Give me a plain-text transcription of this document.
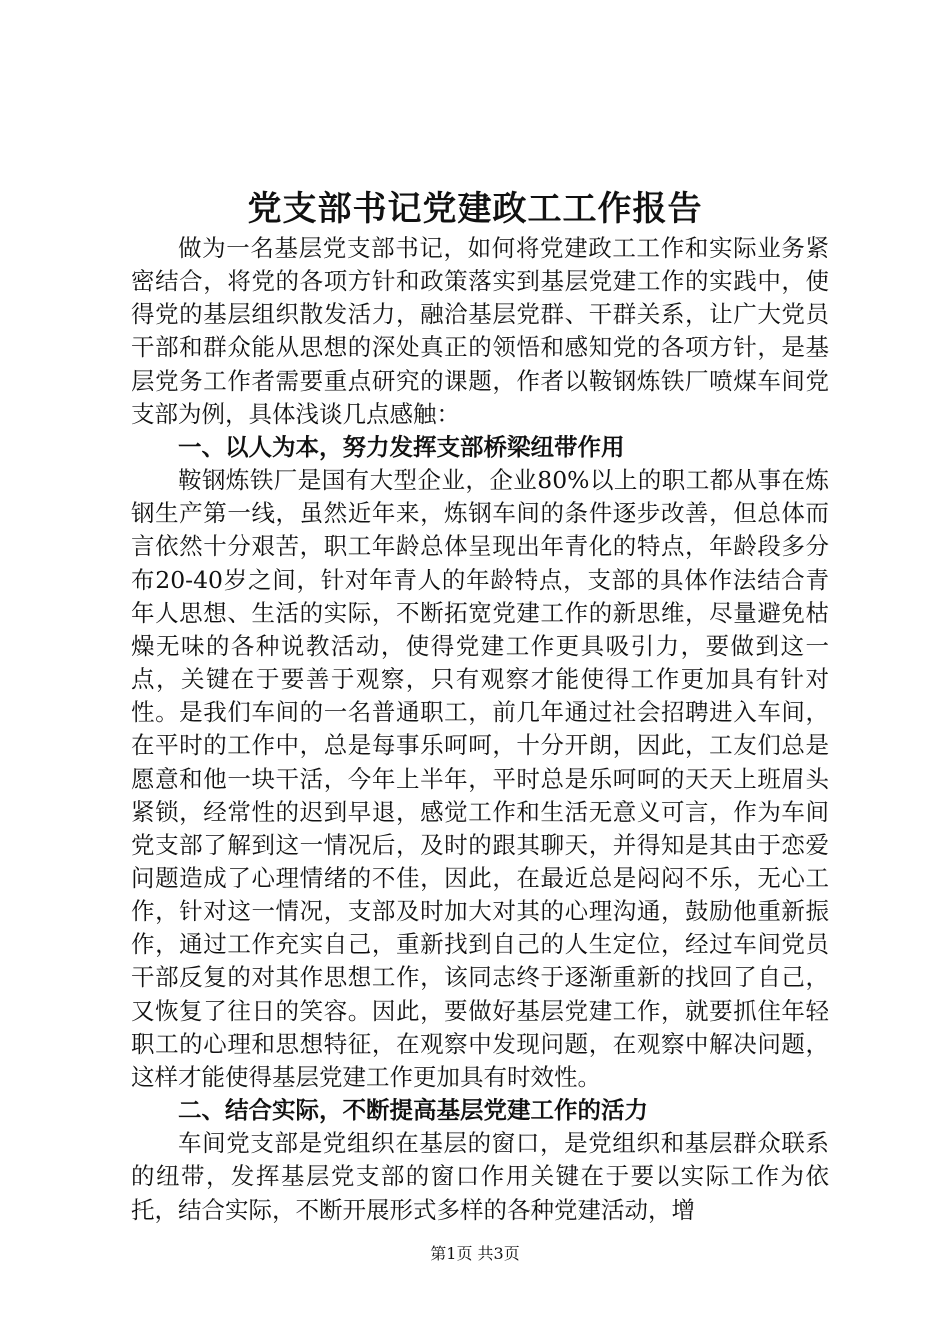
党支部书记党建政工工作报告

做为一名基层党支部书记，如何将党建政工工作和实际业务紧密结合，将党的各项方针和政策落实到基层党建工作的实践中，使得党的基层组织散发活力，融洽基层党群、干群关系，让广大党员干部和群众能从思想的深处真正的领悟和感知党的各项方针，是基层党务工作者需要重点研究的课题，作者以鞍钢炼铁厂喷煤车间党支部为例，具体浅谈几点感触：

一、以人为本，努力发挥支部桥梁纽带作用

鞍钢炼铁厂是国有大型企业，企业80%以上的职工都从事在炼钢生产第一线，虽然近年来，炼钢车间的条件逐步改善，但总体而言依然十分艰苦，职工年龄总体呈现出年青化的特点，年龄段多分布20-40岁之间，针对年青人的年龄特点，支部的具体作法结合青年人思想、生活的实际，不断拓宽党建工作的新思维，尽量避免枯燥无味的各种说教活动，使得党建工作更具吸引力，要做到这一点，关键在于要善于观察，只有观察才能使得工作更加具有针对性。是我们车间的一名普通职工，前几年通过社会招聘进入车间，在平时的工作中，总是每事乐呵呵，十分开朗，因此，工友们总是愿意和他一块干活，今年上半年，平时总是乐呵呵的天天上班眉头紧锁，经常性的迟到早退，感觉工作和生活无意义可言，作为车间党支部了解到这一情况后，及时的跟其聊天，并得知是其由于恋爱问题造成了心理情绪的不佳，因此，在最近总是闷闷不乐，无心工作，针对这一情况，支部及时加大对其的心理沟通，鼓励他重新振作，通过工作充实自己，重新找到自己的人生定位，经过车间党员干部反复的对其作思想工作，该同志终于逐渐重新的找回了自己，又恢复了往日的笑容。因此，要做好基层党建工作，就要抓住年轻职工的心理和思想特征，在观察中发现问题，在观察中解决问题，这样才能使得基层党建工作更加具有时效性。

二、结合实际，不断提高基层党建工作的活力

车间党支部是党组织在基层的窗口，是党组织和基层群众联系的纽带，发挥基层党支部的窗口作用关键在于要以实际工作为依托，结合实际，不断开展形式多样的各种党建活动，增

第1页 共3页
